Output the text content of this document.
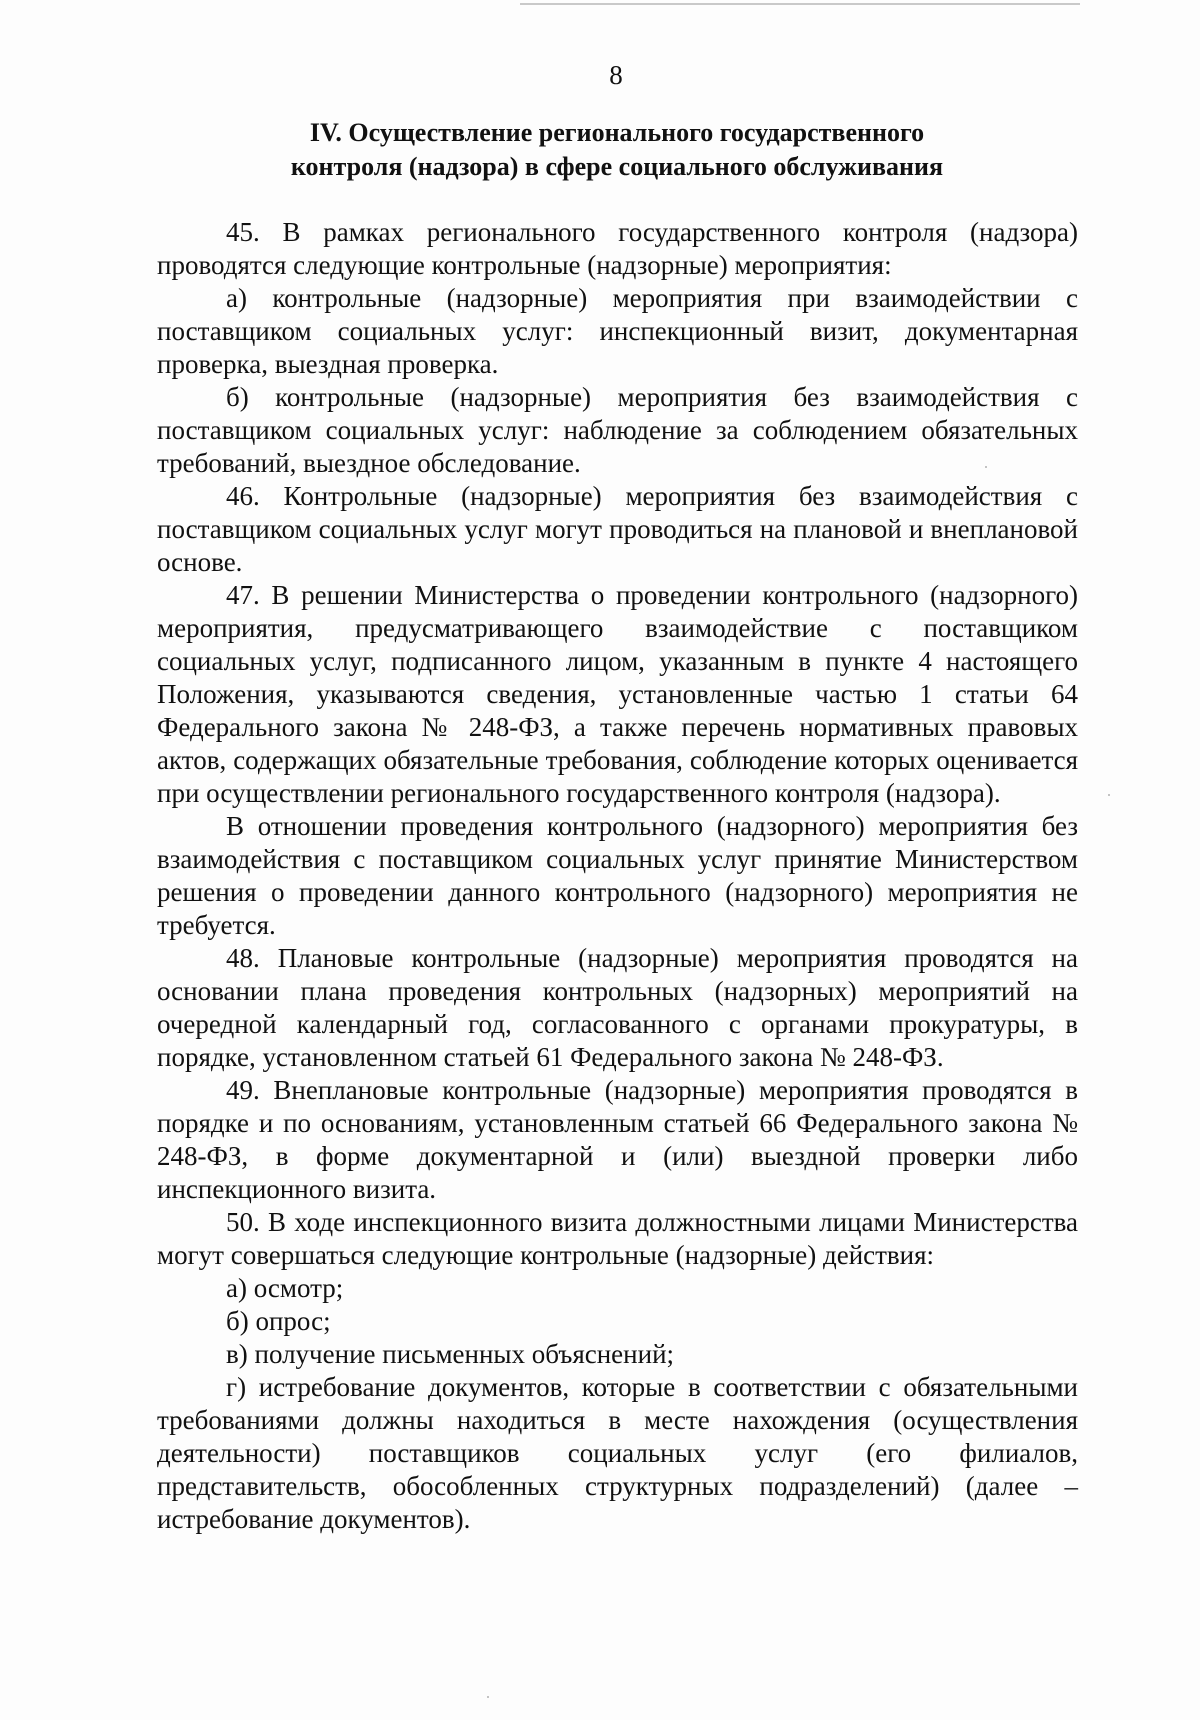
8
IV. Осуществление регионального государственного
контроля (надзора) в сфере социального обслуживания

45. В рамках регионального государственного контроля (надзора) проводятся следующие контрольные (надзорные) мероприятия:

а) контрольные (надзорные) мероприятия при взаимодействии с поставщиком социальных услуг: инспекционный визит, документарная проверка, выездная проверка.

б) контрольные (надзорные) мероприятия без взаимодействия с поставщиком социальных услуг: наблюдение за соблюдением обязательных требований, выездное обследование.

46. Контрольные (надзорные) мероприятия без взаимодействия с поставщиком социальных услуг могут проводиться на плановой и внеплановой основе.

47. В решении Министерства о проведении контрольного (надзорного) мероприятия, предусматривающего взаимодействие с поставщиком социальных услуг, подписанного лицом, указанным в пункте 4 настоящего Положения, указываются сведения, установленные частью 1 статьи 64 Федерального закона № 248-ФЗ, а также перечень нормативных правовых актов, содержащих обязательные требования, соблюдение которых оценивается при осуществлении регионального государственного контроля (надзора).

В отношении проведения контрольного (надзорного) мероприятия без взаимодействия с поставщиком социальных услуг принятие Министерством решения о проведении данного контрольного (надзорного) мероприятия не требуется.

48. Плановые контрольные (надзорные) мероприятия проводятся на основании плана проведения контрольных (надзорных) мероприятий на очередной календарный год, согласованного с органами прокуратуры, в порядке, установленном статьей 61 Федерального закона № 248-ФЗ.

49. Внеплановые контрольные (надзорные) мероприятия проводятся в порядке и по основаниям, установленным статьей 66 Федерального закона № 248-ФЗ, в форме документарной и (или) выездной проверки либо инспекционного визита.

50. В ходе инспекционного визита должностными лицами Министерства могут совершаться следующие контрольные (надзорные) действия:

а) осмотр;

б) опрос;

в) получение письменных объяснений;

г) истребование документов, которые в соответствии с обязательными требованиями должны находиться в месте нахождения (осуществления деятельности) поставщиков социальных услуг (его филиалов, представительств, обособленных структурных подразделений) (далее – истребование документов).
